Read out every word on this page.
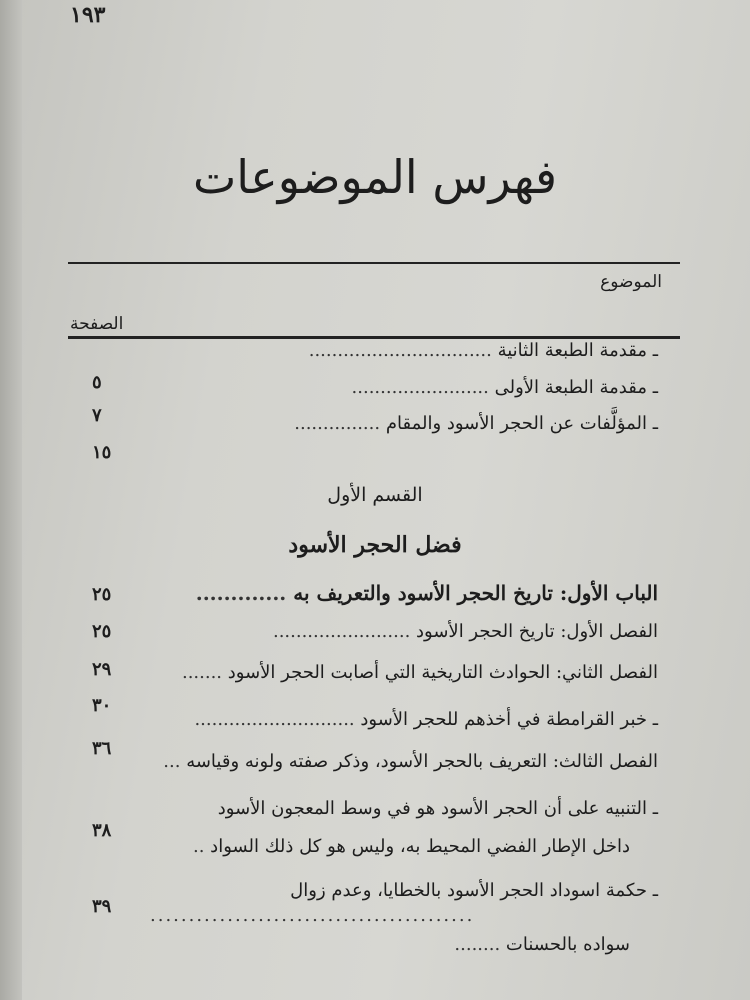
١٩٣
فهرس الموضوعات
الموضوع
الصفحة
ـ مقدمة الطبعة الثانية ................................
٥	ـ مقدمة الطبعة الأولى ........................
٧	ـ المؤلَّفات عن الحجر الأسود والمقام ...............
١٥
القسم الأول
فضل الحجر الأسود
الباب الأول: تاريخ الحجر الأسود والتعريف به .............
٢٥
الفصل الأول: تاريخ الحجر الأسود ........................
٢٥
الفصل الثاني: الحوادث التاريخية التي أصابت الحجر الأسود .......
٢٩
ـ خبر القرامطة في أخذهم للحجر الأسود ............................
٣٠
الفصل الثالث: التعريف بالحجر الأسود، وذكر صفته ولونه وقياسه ...
٣٦
ـ التنبيه على أن الحجر الأسود هو في وسط المعجون الأسود
داخل الإطار الفضي المحيط به، وليس هو كل ذلك السواد ..
٣٨
ـ حكمة اسوداد الحجر الأسود بالخطايا، وعدم زوال
٣٩ ..........................................
سواده بالحسنات ........
